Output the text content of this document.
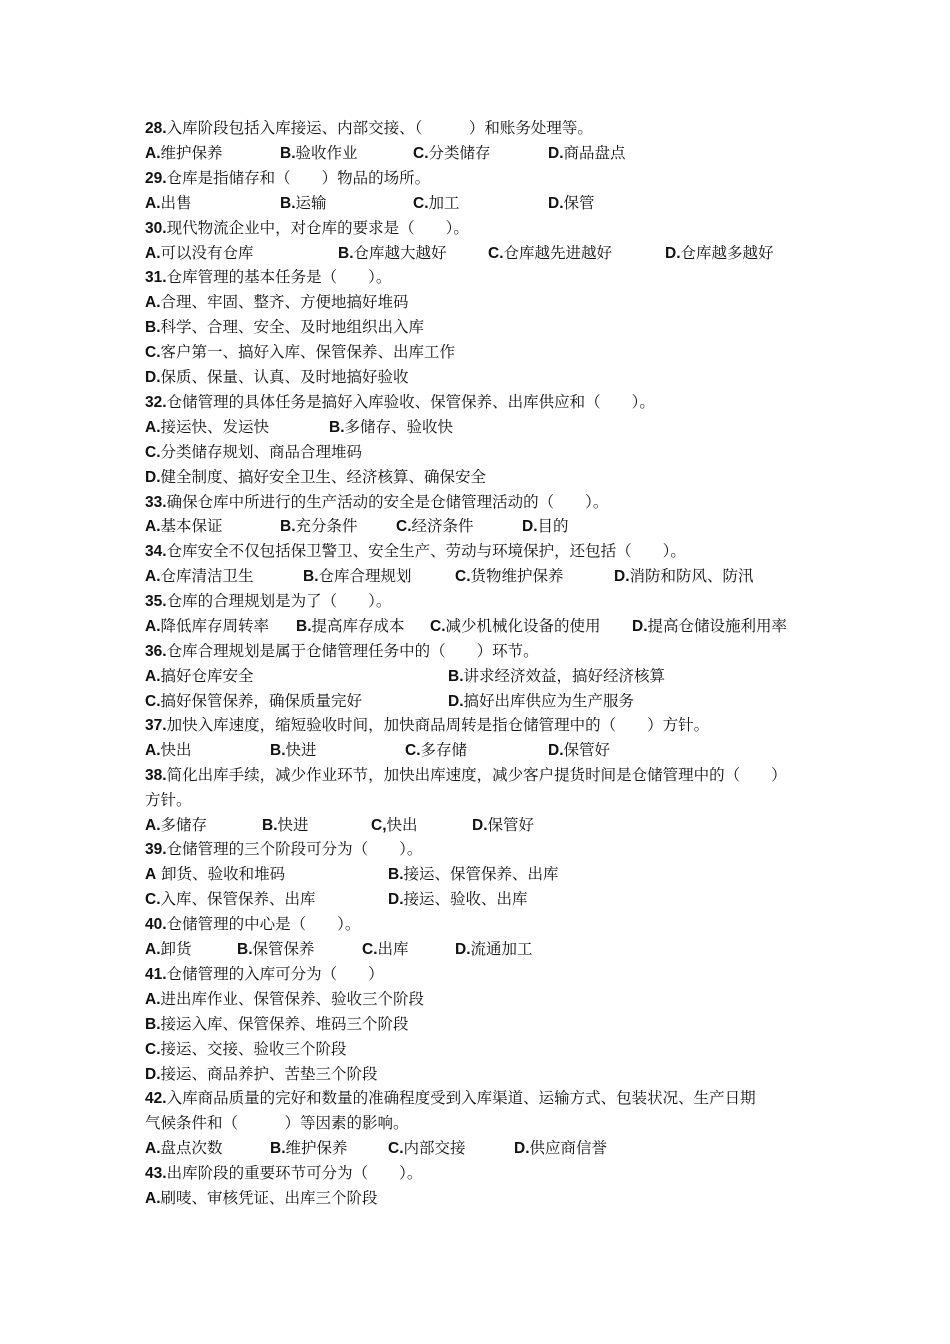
28.入库阶段包括入库接运、内部交接、（　　　）和账务处理等。
A.维护保养	B.验收作业	C.分类储存	D.商品盘点
29.仓库是指储存和（　　）物品的场所。
A.出售	B.运输	C.加工	D.保管
30.现代物流企业中，对仓库的要求是（　　）。
A.可以没有仓库	B.仓库越大越好	C.仓库越先进越好	D.仓库越多越好
31.仓库管理的基本任务是（　　）。
A.合理、牢固、整齐、方便地搞好堆码
B.科学、合理、安全、及时地组织出入库
C.客户第一、搞好入库、保管保养、出库工作
D.保质、保量、认真、及时地搞好验收
32.仓储管理的具体任务是搞好入库验收、保管保养、出库供应和（　　）。
A.接运快、发运快	B.多储存、验收快
C.分类储存规划、商品合理堆码
D.健全制度、搞好安全卫生、经济核算、确保安全
33.确保仓库中所进行的生产活动的安全是仓储管理活动的（　　）。
A.基本保证	B.充分条件 C.经济条件	D.目的
34.仓库安全不仅包括保卫警卫、安全生产、劳动与环境保护，还包括（　　）。
A.仓库清洁卫生	B.仓库合理规划	C.货物维护保养	D.消防和防风、防汛
35.仓库的合理规划是为了（　　）。
A.降低库存周转率 B.提高库存成本 C.减少机械化设备的使用 D.提高仓储设施利用率
36.仓库合理规划是属于仓储管理任务中的（　　）环节。
A.搞好仓库安全	B.讲求经济效益，搞好经济核算
C.搞好保管保养，确保质量完好	D.搞好出库供应为生产服务
37.加快入库速度，缩短验收时间，加快商品周转是指仓储管理中的（　　）方针。
A.快出	B.快进	C.多存储	D.保管好
38.简化出库手续，减少作业环节，加快出库速度，减少客户提货时间是仓储管理中的（　　）
方针。
A.多储存	B.快进	C,快出	D.保管好
39.仓储管理的三个阶段可分为（　　）。
A 卸货、验收和堆码	B.接运、保管保养、出库
C.入库、保管保养、出库	D.接运、验收、出库
40.仓储管理的中心是（　　）。
A.卸货	B.保管保养	C.出库	D.流通加工
41.仓储管理的入库可分为（　　）
A.进出库作业、保管保养、验收三个阶段
B.接运入库、保管保养、堆码三个阶段
C.接运、交接、验收三个阶段
D.接运、商品养护、苦垫三个阶段
42.入库商品质量的完好和数量的准确程度受到入库渠道、运输方式、包装状况、生产日期
气候条件和（　　　）等因素的影响。
A.盘点次数	B.维护保养	C.内部交接	D.供应商信誉
43.出库阶段的重要环节可分为（　　）。
A.刷唛、审核凭证、出库三个阶段
